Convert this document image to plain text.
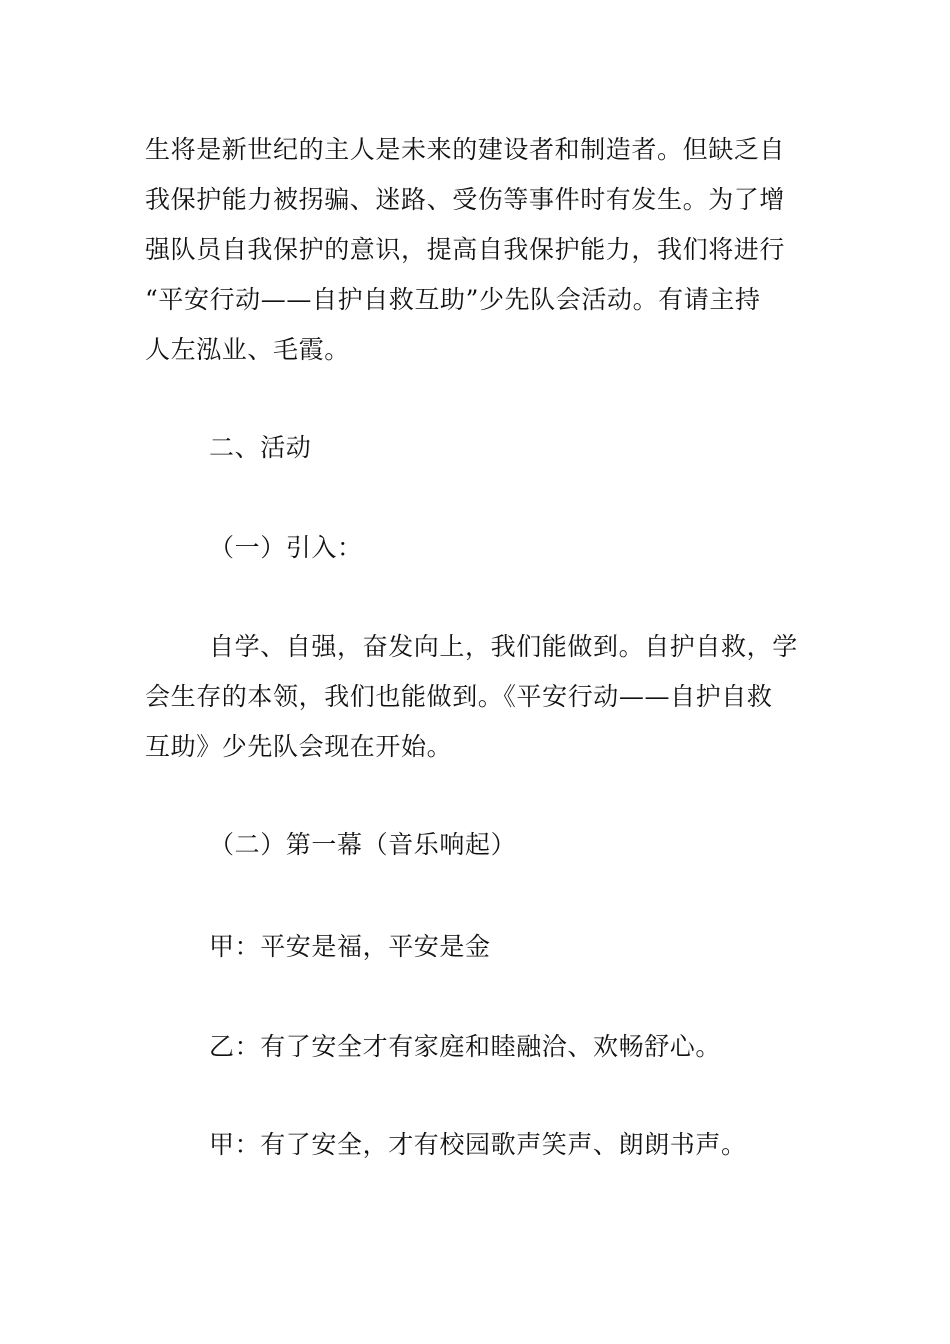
生将是新世纪的主人是未来的建设者和制造者。但缺乏自
我保护能力被拐骗、迷路、受伤等事件时有发生。为了增
强队员自我保护的意识，提高自我保护能力，我们将进行
“平安行动——自护自救互助”少先队会活动。有请主持
人左泓业、毛霞。
二、活动
（一）引入：
自学、自强，奋发向上，我们能做到。自护自救，学
会生存的本领，我们也能做到。《平安行动——自护自救
互助》少先队会现在开始。
（二）第一幕（音乐响起）
甲：平安是福，平安是金
乙：有了安全才有家庭和睦融洽、欢畅舒心。
甲：有了安全，才有校园歌声笑声、朗朗书声。
